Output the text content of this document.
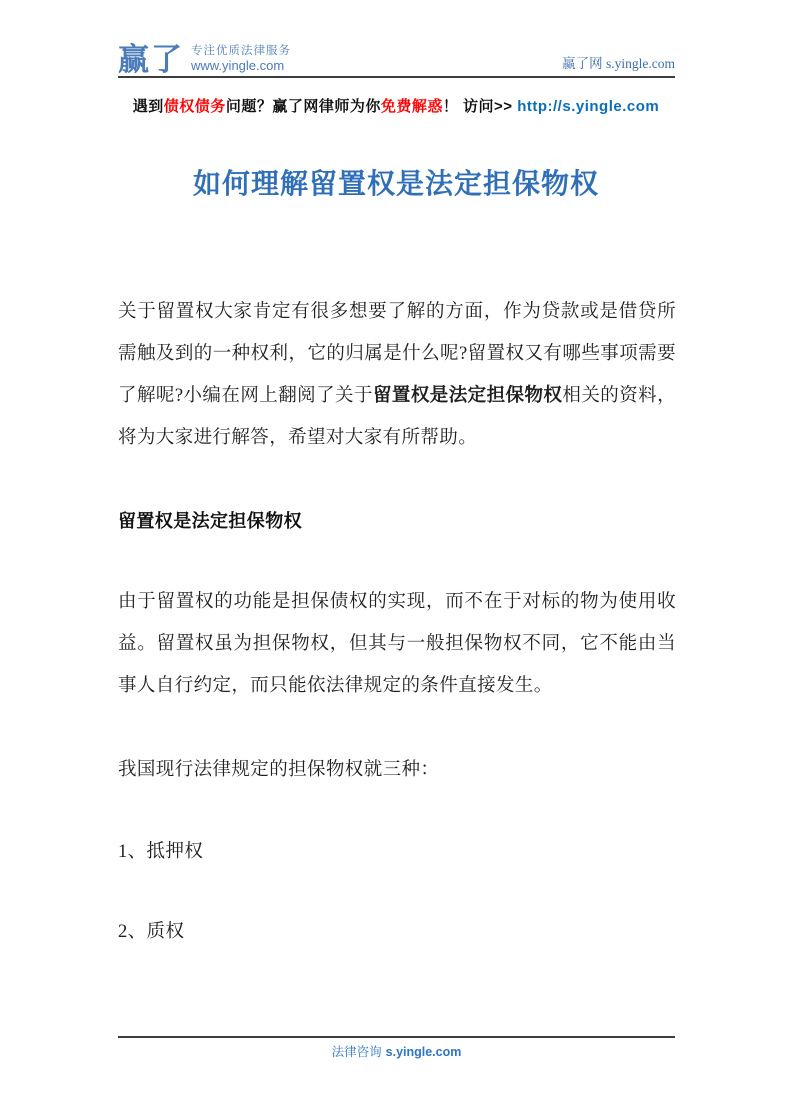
赢了 专注优质法律服务
www.yingle.com	赢了网 s.yingle.com
遇到债权债务问题？赢了网律师为你免费解惑！ 访问>> http://s.yingle.com
如何理解留置权是法定担保物权
关于留置权大家肯定有很多想要了解的方面，作为贷款或是借贷所需触及到的一种权利，它的归属是什么呢?留置权又有哪些事项需要了解呢?小编在网上翻阅了关于留置权是法定担保物权相关的资料，将为大家进行解答，希望对大家有所帮助。
留置权是法定担保物权
由于留置权的功能是担保债权的实现，而不在于对标的物为使用收益。留置权虽为担保物权，但其与一般担保物权不同，它不能由当事人自行约定，而只能依法律规定的条件直接发生。
我国现行法律规定的担保物权就三种：
1、抵押权
2、质权
法律咨询 s.yingle.com
